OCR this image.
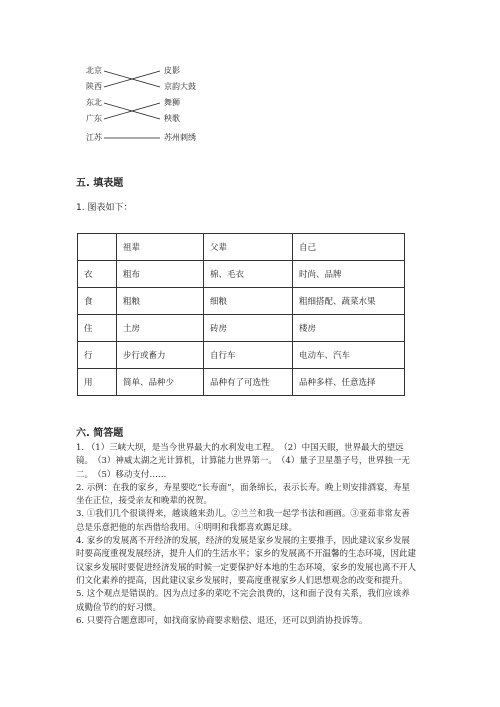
北京
陕西
东北
广东
江苏
皮影
京韵大鼓
舞狮
秧歌
苏州刺绣
五. 填表题
1. 图表如下：
	祖辈	父辈	自己
衣	粗布	棉、毛衣	时尚、品牌
食	粗粮	细粮	粗细搭配、蔬菜水果
住	土房	砖房	楼房
行	步行或畜力	自行车	电动车、汽车
用	简单、品种少	品种有了可选性	品种多样、任意选择
六. 简答题

1. （1）三峡大坝，是当今世界最大的水利发电工程。　（2）中国天眼，世界最大的望远镜。　（3）神威太湖之光计算机，计算能力世界第一。　（4）量子卫星墨子号，世界独一无二。　（5）移动支付……

2. 示例：在我的家乡，寿星要吃“长寿面”，面条绵长，表示长寿。晚上则安排酒宴，寿星坐在正位，接受亲友和晚辈的祝贺。

3. ①我们几个很谈得来，越谈越来劲儿。②兰兰和我一起学书法和画画。③亚茹非常友善总是乐意把他的东西借给我用。④明明和我都喜欢踢足球。

4. 家乡的发展离不开经济的发展，经济的发展是家乡发展的主要推手，因此建议家乡发展时要高度重视发展经济，提升人们的生活水平；家乡的发展离不开温馨的生态环境，因此建议家乡发展时要促进经济发展的时候一定要保护好本地的生态环境，家乡的发展也离不开人们文化素养的提高，因此建议家乡发展时，要高度重视家乡人们思想观念的改变和提升。

5. 这个观点是错误的。因为点过多的菜吃不完会浪费的，这和面子没有关系，我们应该养成勤俭节约的好习惯。

6. 只要符合题意即可，如找商家协商要求赔偿、退还，还可以到消协投诉等。
